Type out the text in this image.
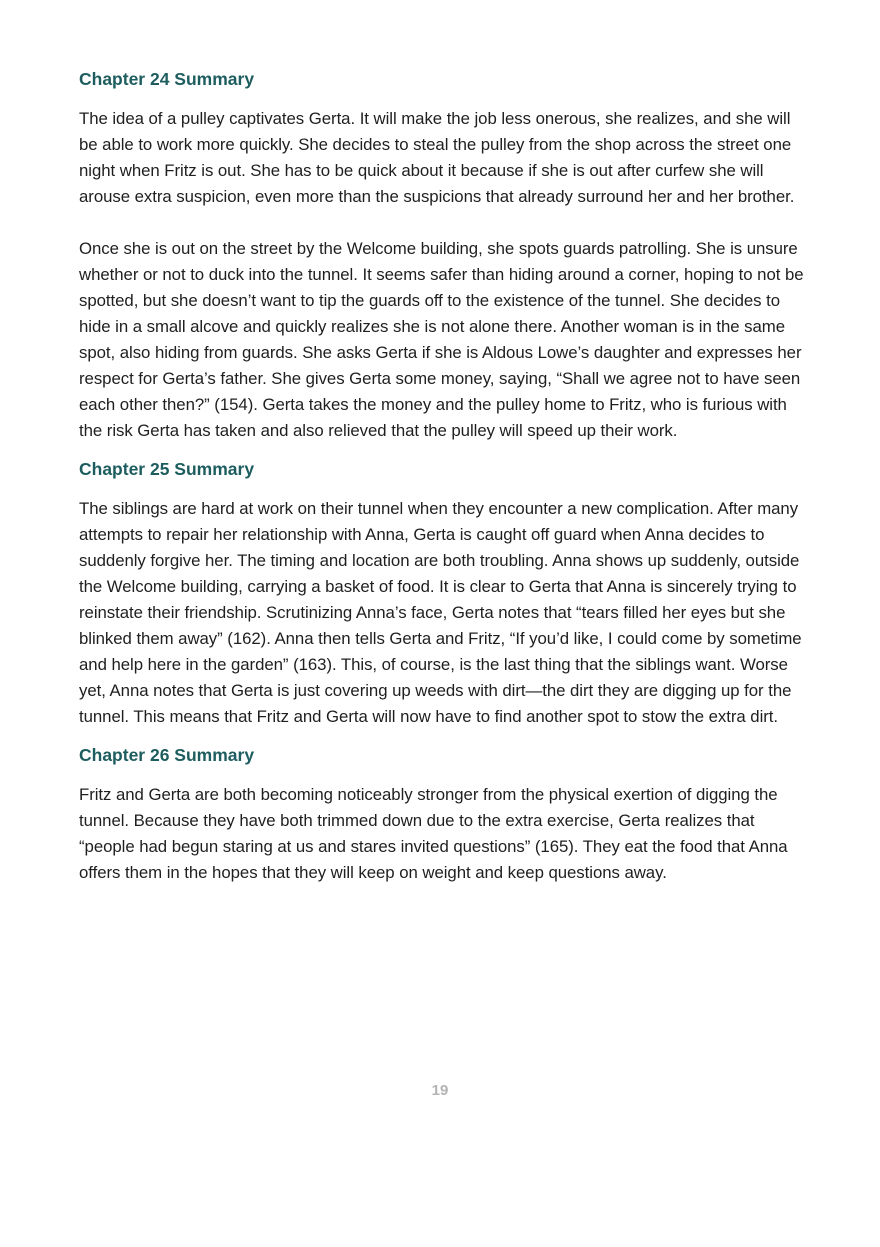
Chapter 24 Summary

The idea of a pulley captivates Gerta. It will make the job less onerous, she realizes, and she will be able to work more quickly. She decides to steal the pulley from the shop across the street one night when Fritz is out. She has to be quick about it because if she is out after curfew she will arouse extra suspicion, even more than the suspicions that already surround her and her brother.

Once she is out on the street by the Welcome building, she spots guards patrolling. She is unsure whether or not to duck into the tunnel. It seems safer than hiding around a corner, hoping to not be spotted, but she doesn’t want to tip the guards off to the existence of the tunnel. She decides to hide in a small alcove and quickly realizes she is not alone there. Another woman is in the same spot, also hiding from guards. She asks Gerta if she is Aldous Lowe’s daughter and expresses her respect for Gerta’s father. She gives Gerta some money, saying, “Shall we agree not to have seen each other then?” (154). Gerta takes the money and the pulley home to Fritz, who is furious with the risk Gerta has taken and also relieved that the pulley will speed up their work.

Chapter 25 Summary

The siblings are hard at work on their tunnel when they encounter a new complication. After many attempts to repair her relationship with Anna, Gerta is caught off guard when Anna decides to suddenly forgive her. The timing and location are both troubling. Anna shows up suddenly, outside the Welcome building, carrying a basket of food. It is clear to Gerta that Anna is sincerely trying to reinstate their friendship. Scrutinizing Anna’s face, Gerta notes that “tears filled her eyes but she blinked them away” (162). Anna then tells Gerta and Fritz, “If you’d like, I could come by sometime and help here in the garden” (163). This, of course, is the last thing that the siblings want. Worse yet, Anna notes that Gerta is just covering up weeds with dirt—the dirt they are digging up for the tunnel. This means that Fritz and Gerta will now have to find another spot to stow the extra dirt.

Chapter 26 Summary

Fritz and Gerta are both becoming noticeably stronger from the physical exertion of digging the tunnel. Because they have both trimmed down due to the extra exercise, Gerta realizes that “people had begun staring at us and stares invited questions” (165). They eat the food that Anna offers them in the hopes that they will keep on weight and keep questions away.

19
